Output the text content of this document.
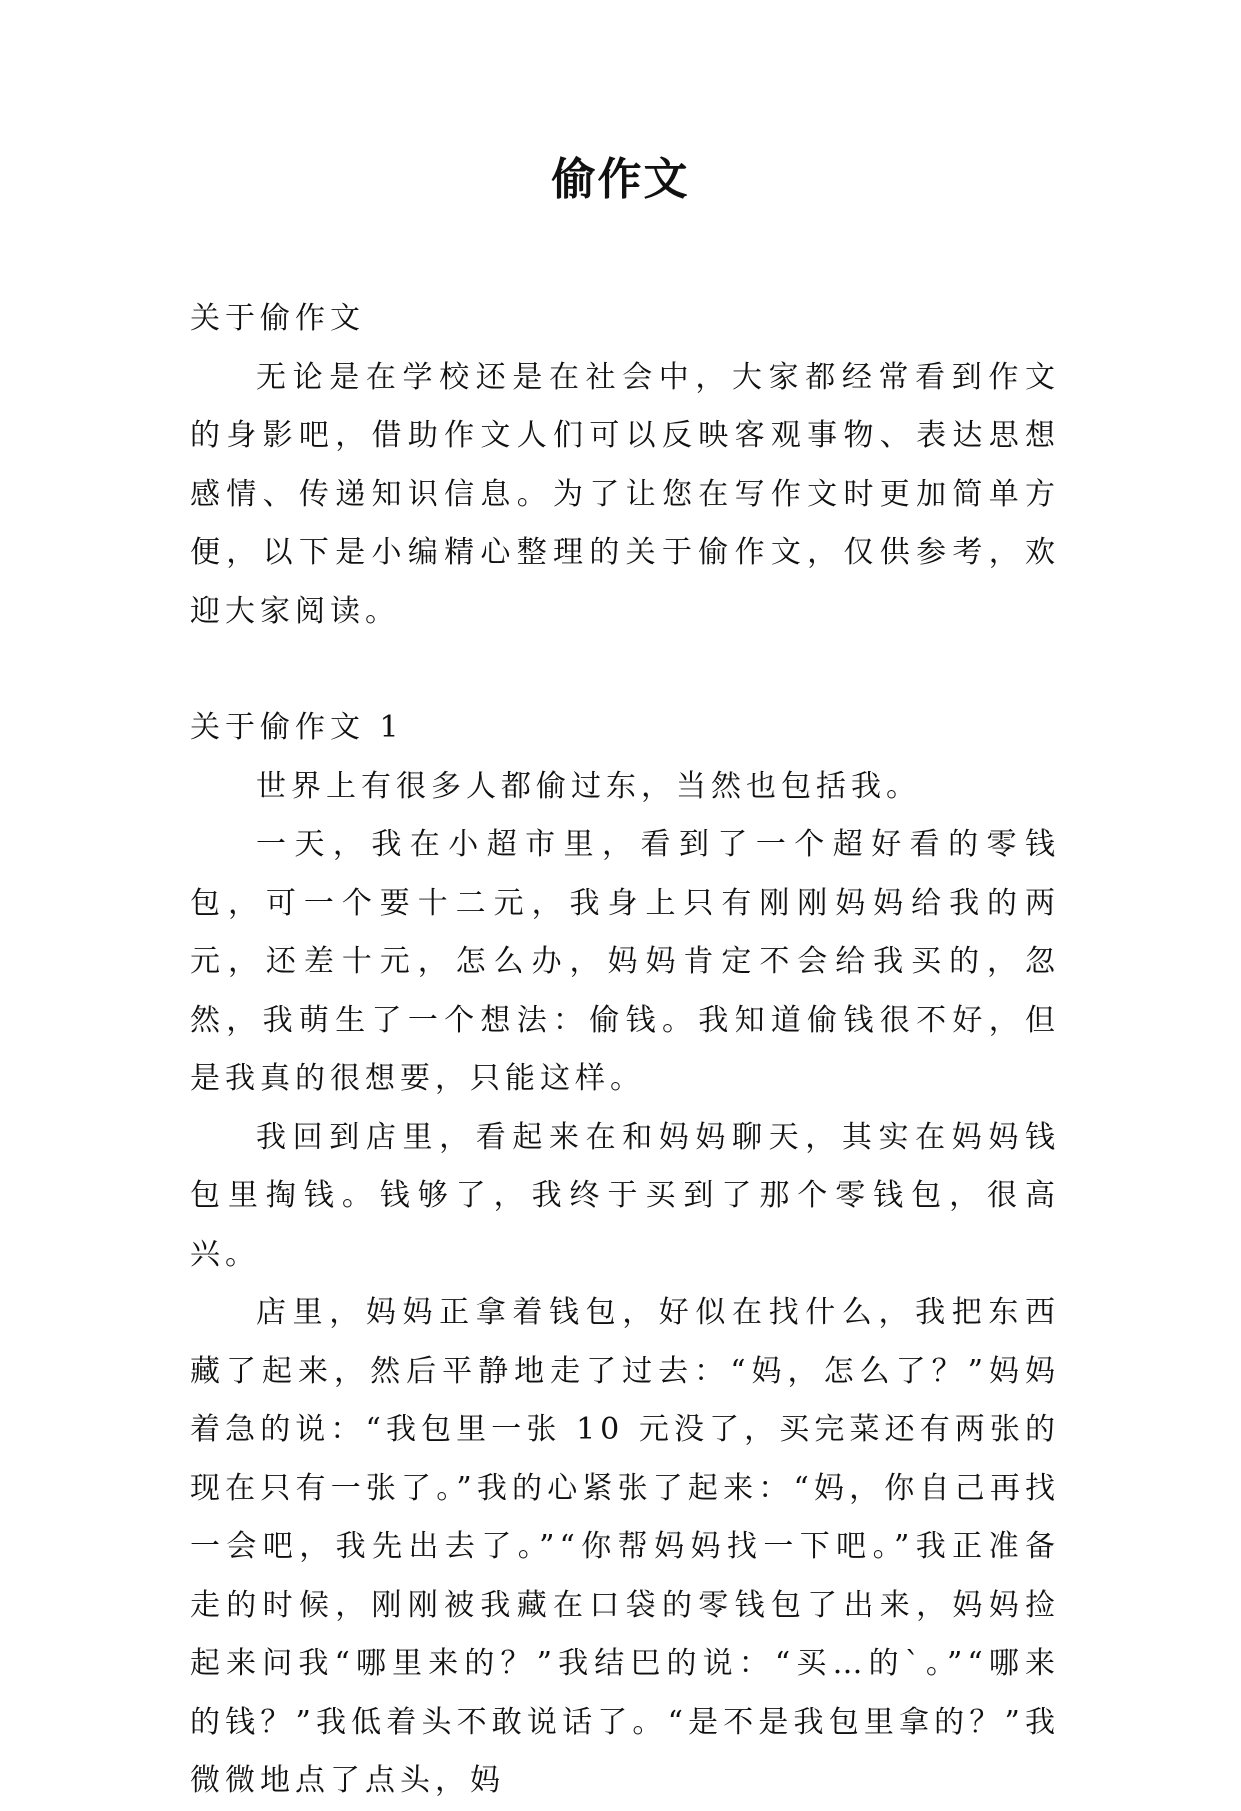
偷作文

关于偷作文

无论是在学校还是在社会中，大家都经常看到作文的身影吧，借助作文人们可以反映客观事物、表达思想感情、传递知识信息。为了让您在写作文时更加简单方便，以下是小编精心整理的关于偷作文，仅供参考，欢迎大家阅读。

关于偷作文 1

世界上有很多人都偷过东，当然也包括我。

一天，我在小超市里，看到了一个超好看的零钱包，可一个要十二元，我身上只有刚刚妈妈给我的两元，还差十元，怎么办，妈妈肯定不会给我买的，忽然，我萌生了一个想法：偷钱。我知道偷钱很不好，但是我真的很想要，只能这样。

我回到店里，看起来在和妈妈聊天，其实在妈妈钱包里掏钱。钱够了，我终于买到了那个零钱包，很高兴。

店里，妈妈正拿着钱包，好似在找什么，我把东西藏了起来，然后平静地走了过去：“妈，怎么了？”妈妈着急的说：“我包里一张 10 元没了，买完菜还有两张的现在只有一张了。”我的心紧张了起来：“妈，你自己再找一会吧，我先出去了。”“你帮妈妈找一下吧。”我正准备走的时候，刚刚被我藏在口袋的零钱包了出来，妈妈捡起来问我“哪里来的？”我结巴的说：“买…的`。”“哪来的钱？”我低着头不敢说话了。“是不是我包里拿的？”我微微地点了点头，妈
